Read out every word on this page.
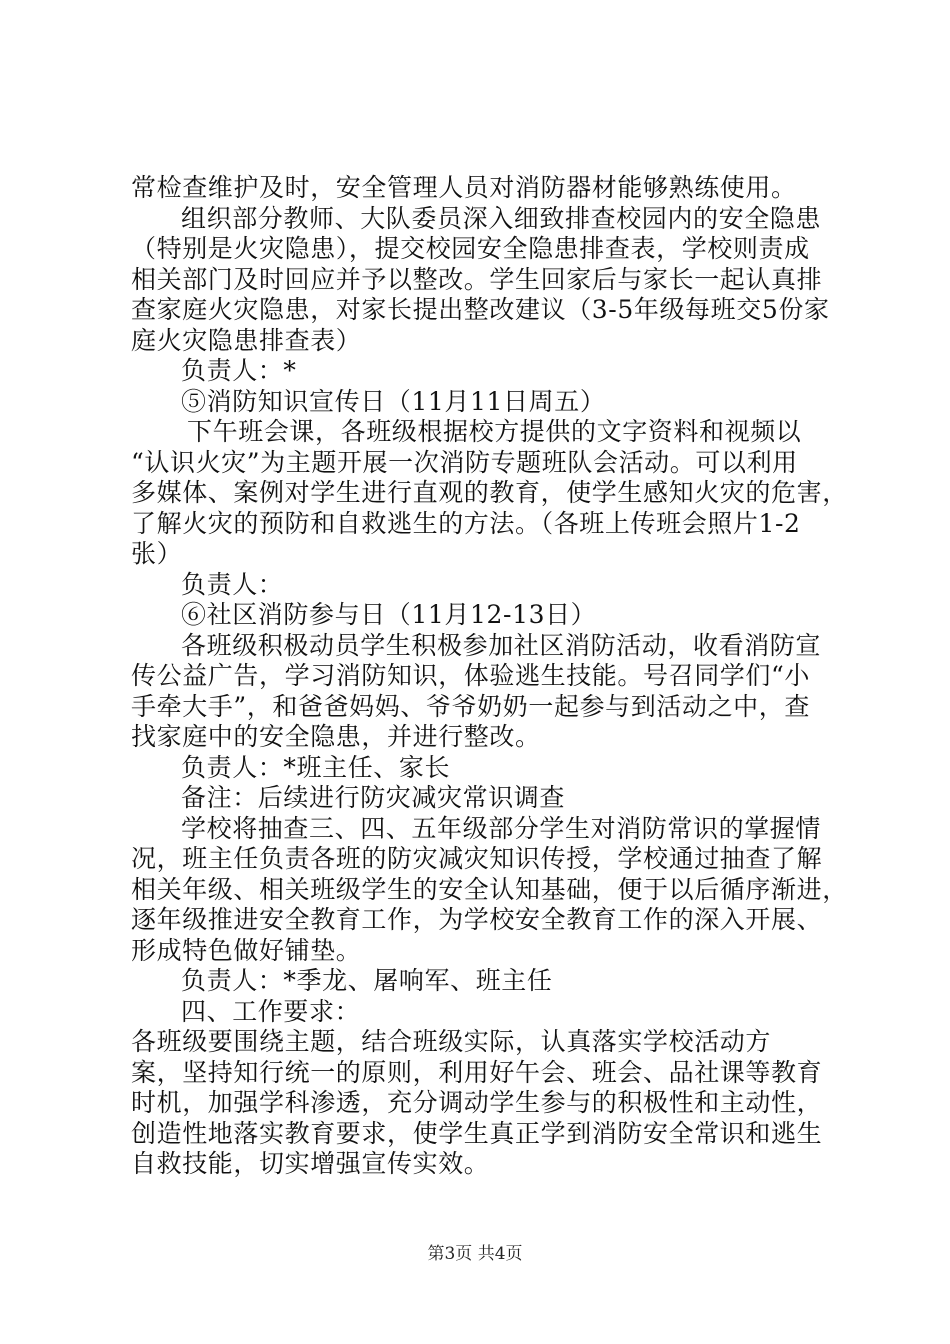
常检查维护及时，安全管理人员对消防器材能够熟练使用。
组织部分教师、大队委员深入细致排查校园内的安全隐患
（特别是火灾隐患），提交校园安全隐患排查表，学校则责成
相关部门及时回应并予以整改。学生回家后与家长一起认真排
查家庭火灾隐患，对家长提出整改建议（3-5年级每班交5份家
庭火灾隐患排查表）
负责人：*
⑤消防知识宣传日（11月11日周五）
下午班会课，各班级根据校方提供的文字资料和视频以
“认识火灾”为主题开展一次消防专题班队会活动。可以利用
多媒体、案例对学生进行直观的教育，使学生感知火灾的危害，
了解火灾的预防和自救逃生的方法。（各班上传班会照片1-2
张）
负责人：
⑥社区消防参与日（11月12-13日）
各班级积极动员学生积极参加社区消防活动，收看消防宣
传公益广告，学习消防知识，体验逃生技能。号召同学们“小
手牵大手”，和爸爸妈妈、爷爷奶奶一起参与到活动之中，查
找家庭中的安全隐患，并进行整改。
负责人：*班主任、家长
备注：后续进行防灾减灾常识调查
学校将抽查三、四、五年级部分学生对消防常识的掌握情
况，班主任负责各班的防灾减灾知识传授，学校通过抽查了解
相关年级、相关班级学生的安全认知基础，便于以后循序渐进，
逐年级推进安全教育工作，为学校安全教育工作的深入开展、
形成特色做好铺垫。
负责人：*季龙、屠响军、班主任
四、工作要求：
各班级要围绕主题，结合班级实际，认真落实学校活动方
案，坚持知行统一的原则，利用好午会、班会、品社课等教育
时机，加强学科渗透，充分调动学生参与的积极性和主动性，
创造性地落实教育要求，使学生真正学到消防安全常识和逃生
自救技能，切实增强宣传实效。
第3页 共4页
